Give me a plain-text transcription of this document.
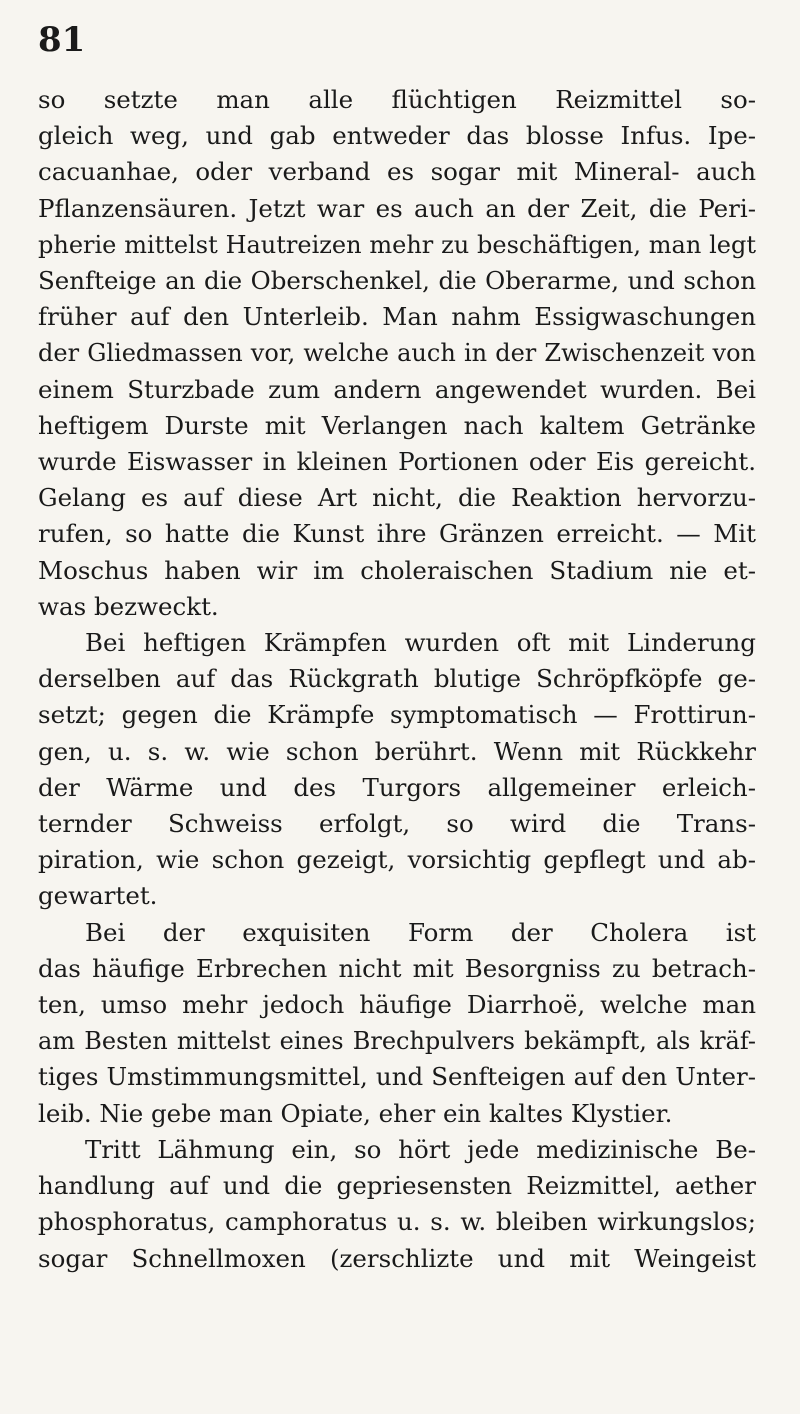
81
so setzte man alle flüchtigen Reizmittel so-
gleich weg, und gab entweder das blosse Infus. Ipe-
cacuanhae, oder verband es sogar mit Mineral- auch
Pflanzensäuren. Jetzt war es auch an der Zeit, die Peri-
pherie mittelst Hautreizen mehr zu beschäftigen, man legt
Senfteige an die Oberschenkel, die Oberarme, und schon
früher auf den Unterleib. Man nahm Essigwaschungen
der Gliedmassen vor, welche auch in der Zwischenzeit von
einem Sturzbade zum andern angewendet wurden. Bei
heftigem Durste mit Verlangen nach kaltem Getränke
wurde Eiswasser in kleinen Portionen oder Eis gereicht.
Gelang es auf diese Art nicht, die Reaktion hervorzu-
rufen, so hatte die Kunst ihre Gränzen erreicht. — Mit
Moschus haben wir im choleraischen Stadium nie et-
was bezweckt.
Bei heftigen Krämpfen wurden oft mit Linderung
derselben auf das Rückgrath blutige Schröpfköpfe ge-
setzt; gegen die Krämpfe symptomatisch — Frottirun-
gen, u. s. w. wie schon berührt. Wenn mit Rückkehr
der Wärme und des Turgors allgemeiner erleich-
ternder Schweiss erfolgt, so wird die Trans-
piration, wie schon gezeigt, vorsichtig gepflegt und ab-
gewartet.
Bei der exquisiten Form der Cholera ist
das häufige Erbrechen nicht mit Besorgniss zu betrach-
ten, umso mehr jedoch häufige Diarrhoë, welche man
am Besten mittelst eines Brechpulvers bekämpft, als kräf-
tiges Umstimmungsmittel, und Senfteigen auf den Unter-
leib. Nie gebe man Opiate, eher ein kaltes Klystier.
Tritt Lähmung ein, so hört jede medizinische Be-
handlung auf und die gepriesensten Reizmittel, aether
phosphoratus, camphoratus u. s. w. bleiben wirkungslos;
sogar Schnellmoxen (zerschlizte und mit Weingeist
